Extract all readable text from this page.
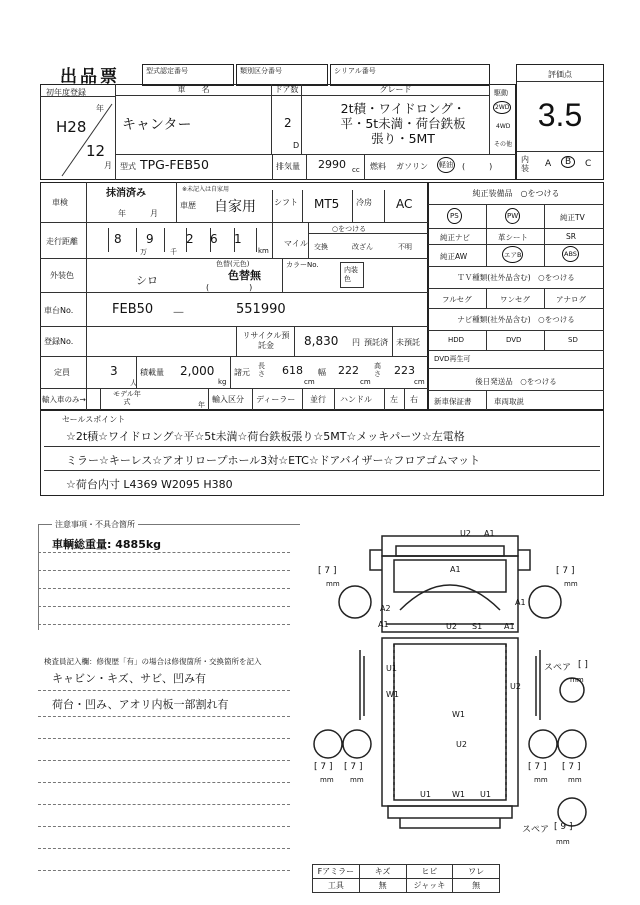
出品票	型式認定番号	類別区分番号	シリアル番号	評価点
3.5
内装	A	B	C
初年度登録
H28
年
12
月
車　　名
キャンター
ドア数
2
D
グレード
2t積・ワイドロング・
平・5t未満・荷台鉄板
張り・5MT
駆動
2WD
4WD
その他
型式 TPG-FEB50	排気量 2990 cc 燃料 ガソリン 軽油 (　　　)
車検
抹消済み
年　　　月
※未記入は自家用
車歴 自家用 シフト MT5 冷房 AC
走行距離	8 9	2 6 1
万	千	km
マイル
○をつける
交換	改ざん	不明
外装色	シロ
色替(元色)
色替無
(　　　　　)
カラーNo.
内装色
車台No.	FEB50 －	551990
登録No.
リサイクル預託金	8,830 円 預託済 未預託
定員	3
人
積載量 2,000
kg
諸元
長さ 618
cm
幅 222
cm
高さ 223
cm
輸入車のみ→
モデル年式	年
輸入区分 ディーラー 並行 ハンドル 左 右
純正装備品　○をつける
PS	PW	純正TV
純正ナビ	革シート	SR
純正AW	エアB	ABS
ＴＶ種類(社外品含む)　○をつける
フルセグ	ワンセグ	アナログ
ナビ種類(社外品含む)　○をつける
HDD	DVD	SD
DVD再生可
後日発送品　○をつける
新車保証書	車両取説
セールスポイント
☆2t積☆ワイドロング☆平☆5t未満☆荷台鉄板張り☆5MT☆メッキパーツ☆左電格
ミラー☆キーレス☆アオリロープホール3対☆ETC☆ドアバイザー☆フロアゴムマット
☆荷台内寸 L4369 W2095 H380
注意事項・不具合箇所
車輌総重量: 4885kg
検査員記入欄：修復歴「有」の場合は修復箇所・交換箇所を記入
キャビン・キズ、サビ、凹み有
荷台・凹み、アオリ内板一部割れ有
U2 A1
A1
A2
A1
A1
U2 S1	A1
U1
W1
U2
W1
U2
U1	W1 U1
[ 7 ]
mm
[ 7 ]
mm
[ 7 ]
mm
[ 7 ]
mm
[ 7 ]
mm
[ 7 ]
mm
スペア [ ]
mm
スペア [ 9 ]
mm
Fアミラー	キズ	ヒビ	ワレ
工具	無	ジャッキ	無
